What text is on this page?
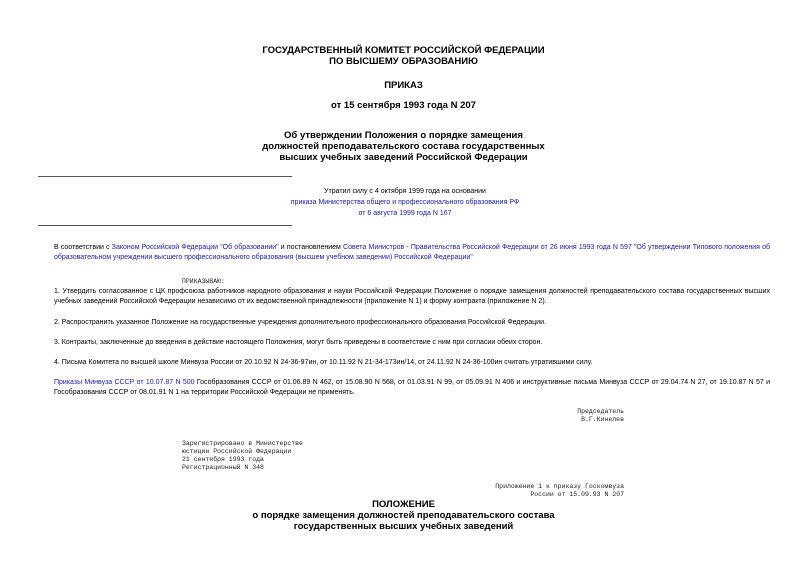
ГОСУДАРСТВЕННЫЙ КОМИТЕТ РОССИЙСКОЙ ФЕДЕРАЦИИ
ПО ВЫСШЕМУ ОБРАЗОВАНИЮ
ПРИКАЗ
от 15 сентября 1993 года N 207
Об утверждении Положения о порядке замещения
должностей преподавательского состава государственных
высших учебных заведений Российской Федерации
Утратил силу с 4 октября 1999 года на основании
приказа Министерства общего и профессионального образования РФ
от 6 августа 1999 года N 167
В соответствии с Законом Российской Федерации "Об образовании" и постановлением Совета Министров - Правительства Российской Федерации от 26 июня 1993 года N 597 "Об утверждении Типового положения об образовательном учреждении высшего профессионального образования (высшем учебном заведении) Российской Федерации"
ПРИКАЗЫВАЮ:
1. Утвердить согласованное с ЦК профсоюза работников народного образования и науки Российской Федерации Положение о порядке замещения должностей преподавательского состава государственных высших учебных заведений Российской Федерации независимо от их ведомственной принадлежности (приложение N 1) и форму контракта (приложение N 2).
2. Распространить указанное Положение на государственные учреждения дополнительного профессионального образования Российской Федерации.
3. Контракты, заключенные до введения в действие настоящего Положения, могут быть приведены в соответствие с ним при согласии обеих сторон.
4. Письма Комитета по высшей школе Минвуза России от 20.10.92 N 24-36-97ин, от 10.11.92 N 21-34-173ин/14, от 24.11.92 N 24-36-100ин считать утратившими силу.
Приказы Минвуза СССР от 10.07.87 N 500 Гособразования СССР от 01.06.89 N 462, от 15.08.90 N 568, от 01.03.91 N 99, от 05.09.91 N 406 и инструктивные письма Минвуза СССР от 29.04.74 N 27, от 19.10.87 N 57 и Гособразования СССР от 08.01.91 N 1 на территории Российской Федерации не применять.
Председатель
В.Г.Кинелев
Зарегистрировано в Министерстве
юстиции Российской Федерации
21 сентября 1993 года
Регистрационный N 348
Приложение 1 к приказу Госкомвуза
России от 15.09.93 N 207
ПОЛОЖЕНИЕ
о порядке замещения должностей преподавательского состава
государственных высших учебных заведений
